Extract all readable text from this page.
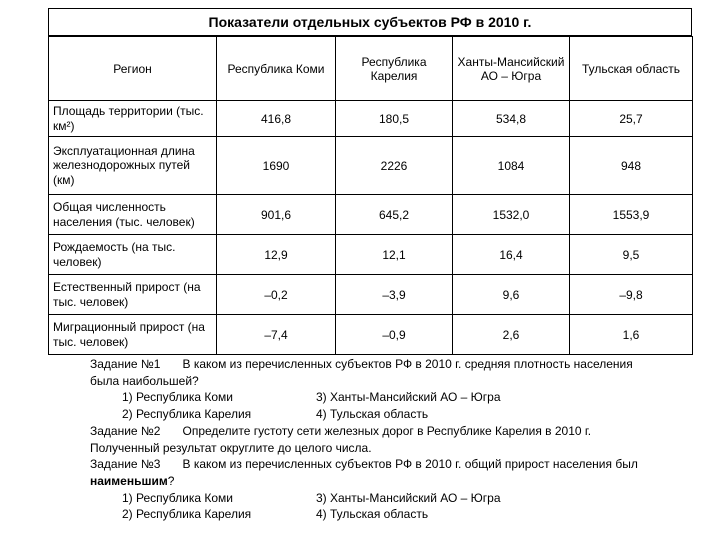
Показатели отдельных субъектов РФ в 2010 г.
Регион	Республика Коми	Республика Карелия	Ханты-Мансийский АО – Югра	Тульская область
Площадь территории (тыс. км²)	416,8	180,5	534,8	25,7
Эксплуатационная длина железнодорожных путей (км)	1690	2226	1084	948
Общая численность населения (тыс. человек)	901,6	645,2	1532,0	1553,9
Рождаемость (на тыс. человек)	12,9	12,1	16,4	9,5
Естественный прирост (на тыс. человек)	–0,2	–3,9	9,6	–9,8
Миграционный прирост (на тыс. человек)	–7,4	–0,9	2,6	1,6
Задание №1 В каком из перечисленных субъектов РФ в 2010 г. средняя плотность населения
была наибольшей?
1) Республика Коми	3) Ханты-Мансийский АО – Югра
2) Республика Карелия	4) Тульская область
Задание №2 Определите густоту сети железных дорог в Республике Карелия в 2010 г.
Полученный результат округлите до целого числа.
Задание №3 В каком из перечисленных субъектов РФ в 2010 г. общий прирост населения был
наименьшим?
1) Республика Коми	3) Ханты-Мансийский АО – Югра
2) Республика Карелия	4) Тульская область
